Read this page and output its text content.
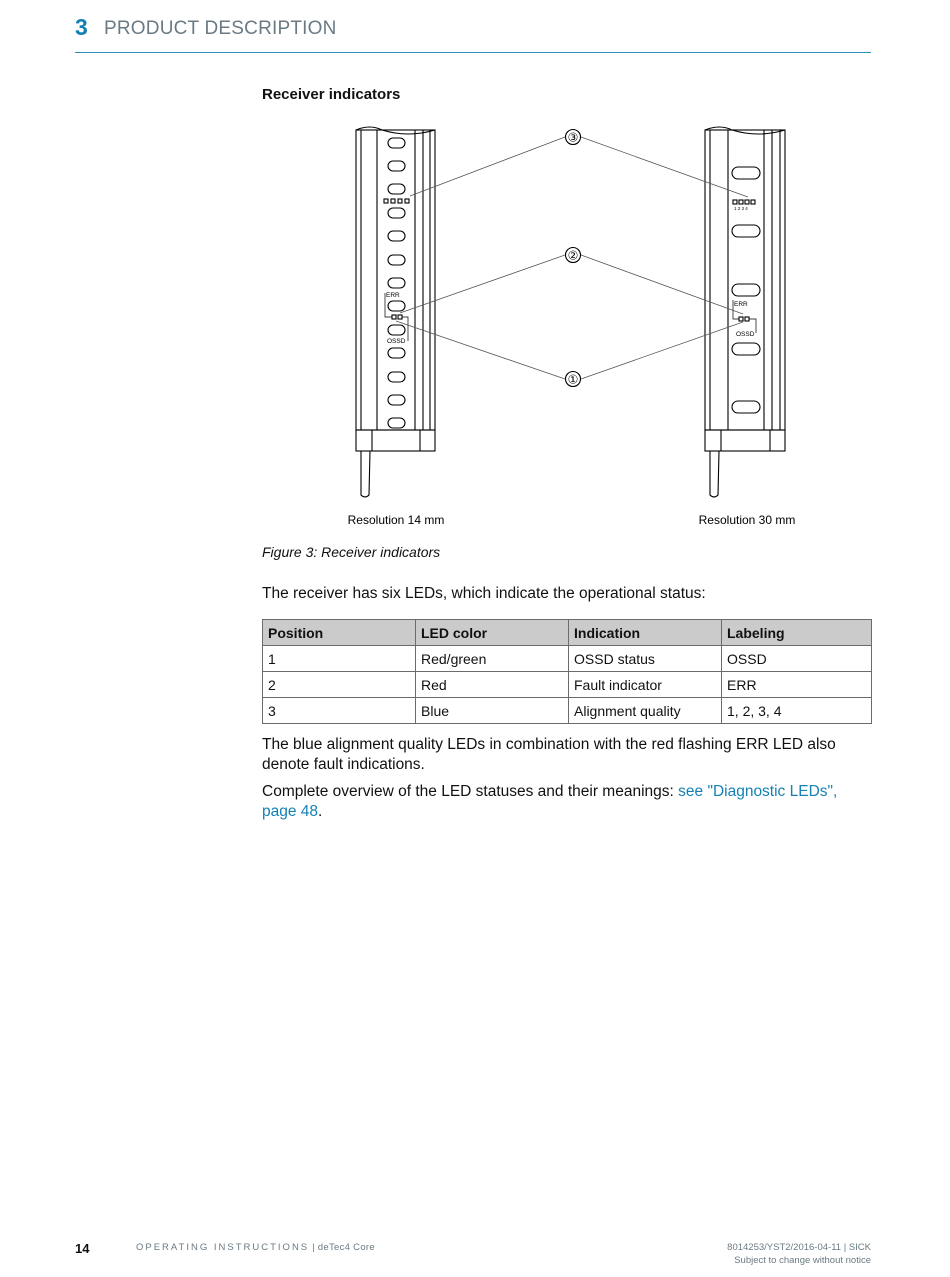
3 PRODUCT DESCRIPTION
Receiver indicators
③
②
①
ERR
OSSD
ERR
OSSD
1 2 3 4
Resolution 14 mm	Resolution 30 mm
Figure 3: Receiver indicators
The receiver has six LEDs, which indicate the operational status:
Position	LED color	Indication	Labeling
1	Red/green	OSSD status	OSSD
2	Red	Fault indicator	ERR
3	Blue	Alignment quality	1, 2, 3, 4
The blue alignment quality LEDs in combination with the red flashing ERR LED also denote fault indications.
Complete overview of the LED statuses and their meanings: see "Diagnostic LEDs", page 48.
14	OPERATING INSTRUCTIONS | deTec4 Core	8014253/YST2/2016-04-11 | SICK
Subject to change without notice
